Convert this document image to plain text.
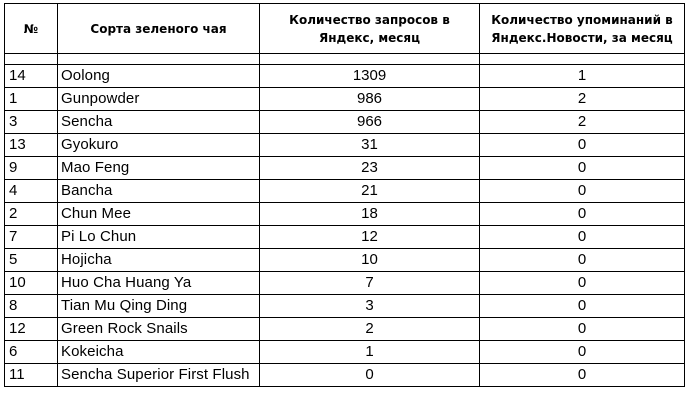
№	Сорта зеленого чая	Количество запросов в Яндекс, месяц	Количество упоминаний в Яндекс.Новости, за месяц

14	Oolong	1309	1
1	Gunpowder	986	2
3	Sencha	966	2
13	Gyokuro	31	0
9	Mao Feng	23	0
4	Bancha	21	0
2	Chun Mee	18	0
7	Pi Lo Chun	12	0
5	Hojicha	10	0
10	Huo Cha Huang Ya	7	0
8	Tian Mu Qing Ding	3	0
12	Green Rock Snails	2	0
6	Kokeicha	1	0
11	Sencha Superior First Flush	0	0
